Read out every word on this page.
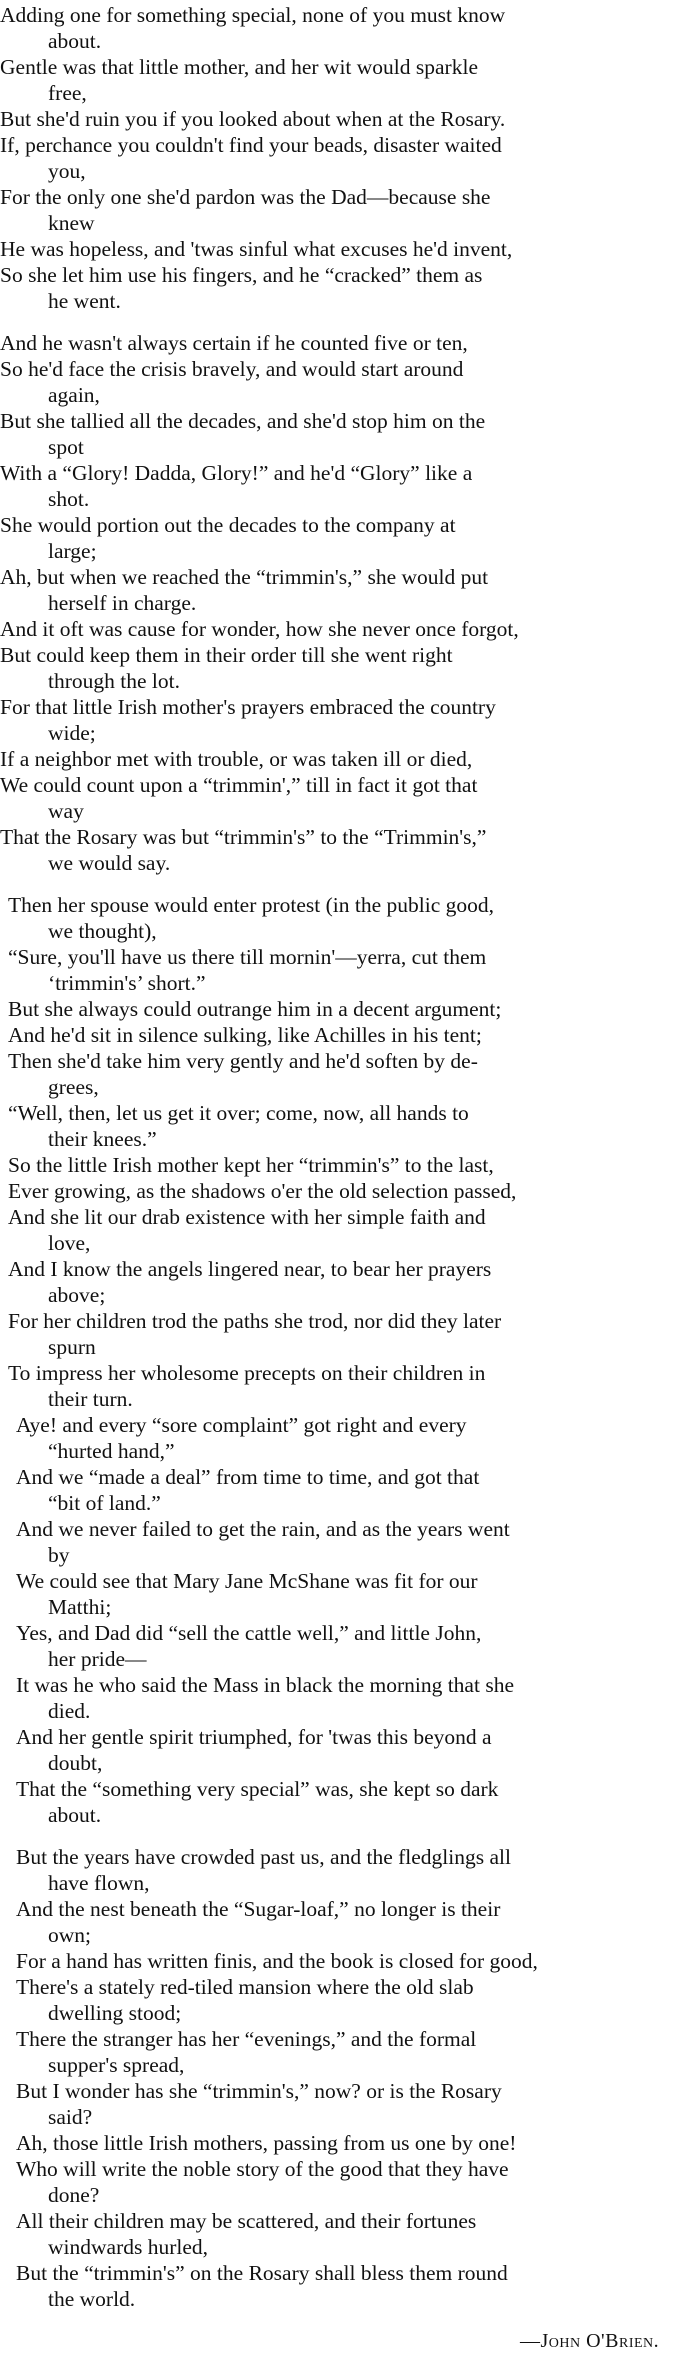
Adding one for something special, none of you must know
about.
Gentle was that little mother, and her wit would sparkle
free,
But she'd ruin you if you looked about when at the Rosary.
If, perchance you couldn't find your beads, disaster waited
you,
For the only one she'd pardon was the Dad—because she
knew
He was hopeless, and 'twas sinful what excuses he'd invent,
So she let him use his fingers, and he “cracked” them as
he went.
And he wasn't always certain if he counted five or ten,
So he'd face the crisis bravely, and would start around
again,
But she tallied all the decades, and she'd stop him on the
spot
With a “Glory! Dadda, Glory!” and he'd “Glory” like a
shot.
She would portion out the decades to the company at
large;
Ah, but when we reached the “trimmin's,” she would put
herself in charge.
And it oft was cause for wonder, how she never once forgot,
But could keep them in their order till she went right
through the lot.
For that little Irish mother's prayers embraced the country
wide;
If a neighbor met with trouble, or was taken ill or died,
We could count upon a “trimmin',” till in fact it got that
way
That the Rosary was but “trimmin's” to the “Trimmin's,”
we would say.
Then her spouse would enter protest (in the public good,
we thought),
“Sure, you'll have us there till mornin'—yerra, cut them
‘trimmin's’ short.”
But she always could outrange him in a decent argument;
And he'd sit in silence sulking, like Achilles in his tent;
Then she'd take him very gently and he'd soften by de-
grees,
“Well, then, let us get it over; come, now, all hands to
their knees.”
So the little Irish mother kept her “trimmin's” to the last,
Ever growing, as the shadows o'er the old selection passed,
And she lit our drab existence with her simple faith and
love,
And I know the angels lingered near, to bear her prayers
above;
For her children trod the paths she trod, nor did they later
spurn
To impress her wholesome precepts on their children in
their turn.
Aye! and every “sore complaint” got right and every
“hurted hand,”
And we “made a deal” from time to time, and got that
“bit of land.”
And we never failed to get the rain, and as the years went
by
We could see that Mary Jane McShane was fit for our
Matthi;
Yes, and Dad did “sell the cattle well,” and little John,
her pride—
It was he who said the Mass in black the morning that she
died.
And her gentle spirit triumphed, for 'twas this beyond a
doubt,
That the “something very special” was, she kept so dark
about.
But the years have crowded past us, and the fledglings all
have flown,
And the nest beneath the “Sugar-loaf,” no longer is their
own;
For a hand has written finis, and the book is closed for good,
There's a stately red-tiled mansion where the old slab
dwelling stood;
There the stranger has her “evenings,” and the formal
supper's spread,
But I wonder has she “trimmin's,” now? or is the Rosary
said?
Ah, those little Irish mothers, passing from us one by one!
Who will write the noble story of the good that they have
done?
All their children may be scattered, and their fortunes
windwards hurled,
But the “trimmin's” on the Rosary shall bless them round
the world.
—John O'Brien.
